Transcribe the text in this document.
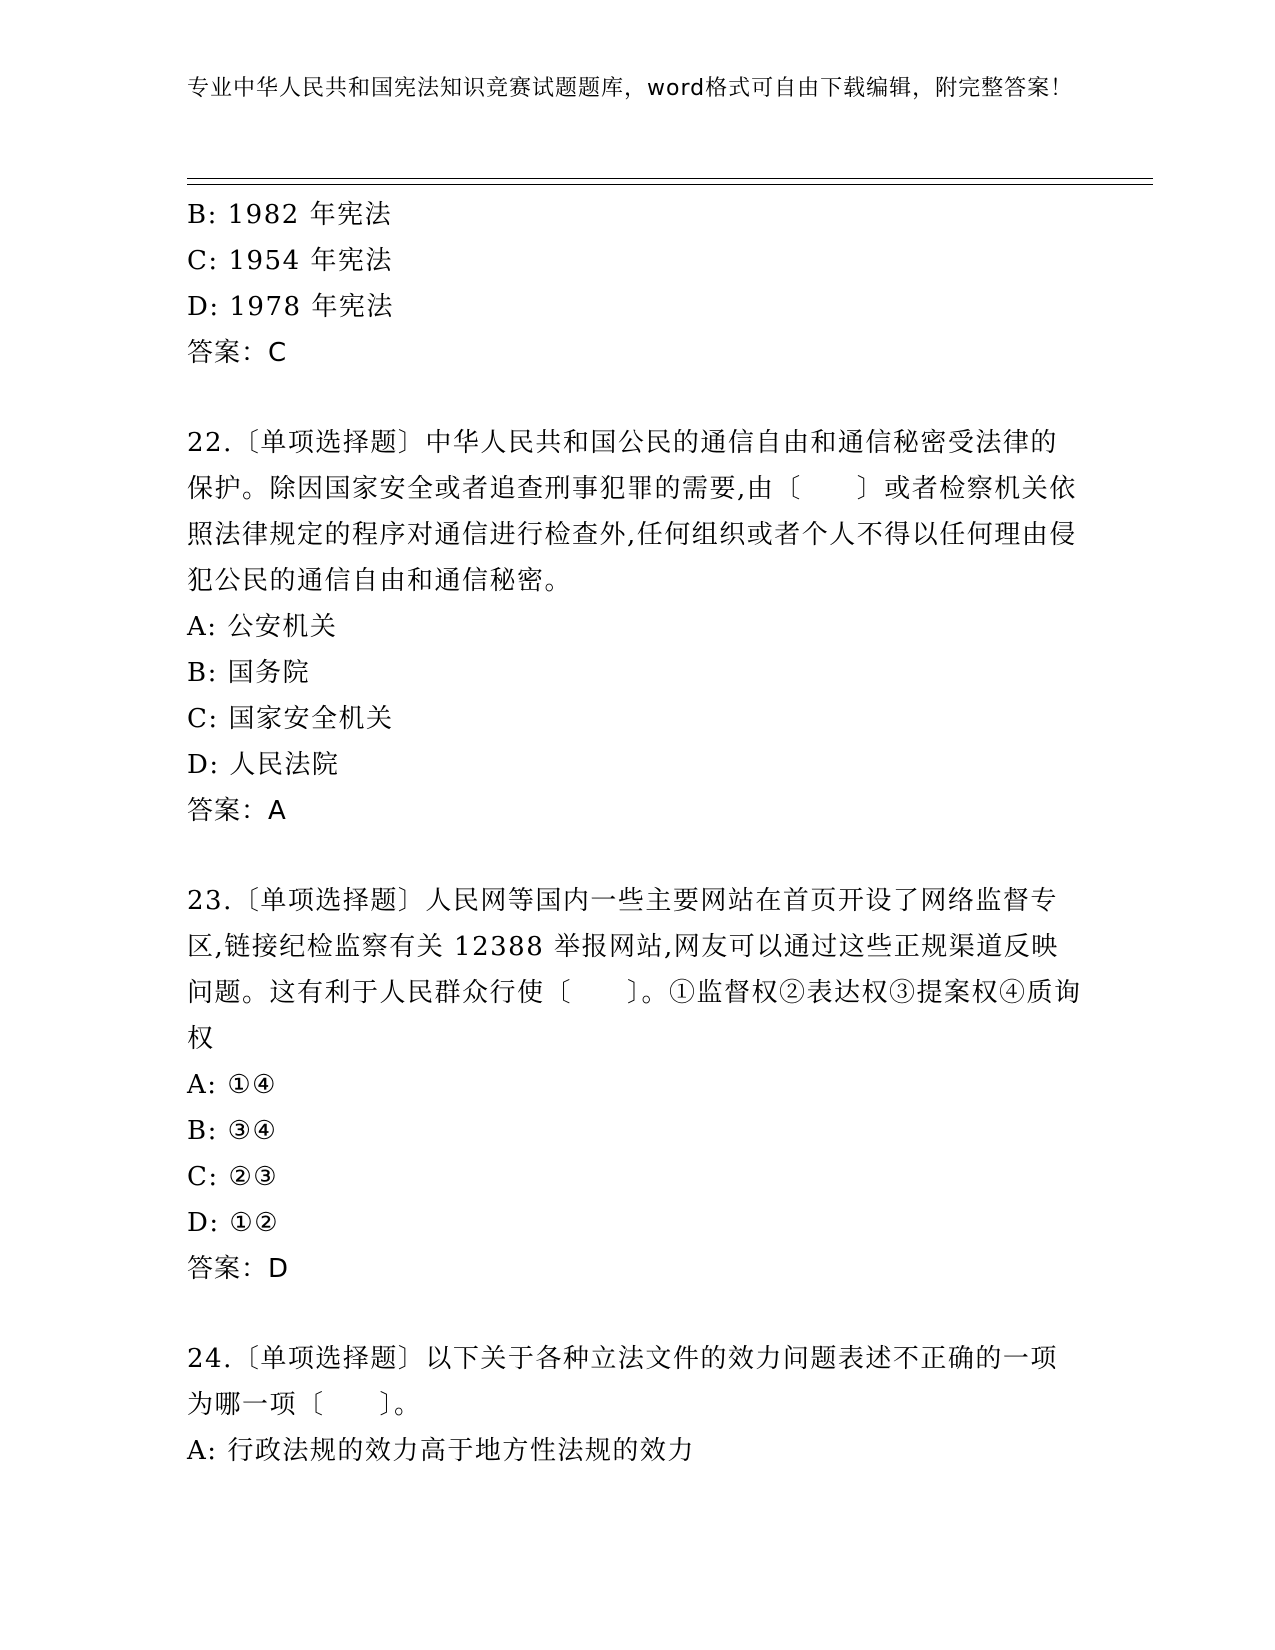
专业中华人民共和国宪法知识竞赛试题题库，word格式可自由下载编辑，附完整答案！
B: 1982 年宪法
C: 1954 年宪法
D: 1978 年宪法
答案：C
22.〔单项选择题〕中华人民共和国公民的通信自由和通信秘密受法律的保护。除因国家安全或者追查刑事犯罪的需要,由〔　　〕或者检察机关依照法律规定的程序对通信进行检查外,任何组织或者个人不得以任何理由侵犯公民的通信自由和通信秘密。
A: 公安机关
B: 国务院
C: 国家安全机关
D: 人民法院
答案：A
23.〔单项选择题〕人民网等国内一些主要网站在首页开设了网络监督专区,链接纪检监察有关 12388 举报网站,网友可以通过这些正规渠道反映问题。这有利于人民群众行使〔　　〕。①监督权②表达权③提案权④质询权
A: ①④
B: ③④
C: ②③
D: ①②
答案：D
24.〔单项选择题〕以下关于各种立法文件的效力问题表述不正确的一项为哪一项〔　　〕。
A: 行政法规的效力高于地方性法规的效力
